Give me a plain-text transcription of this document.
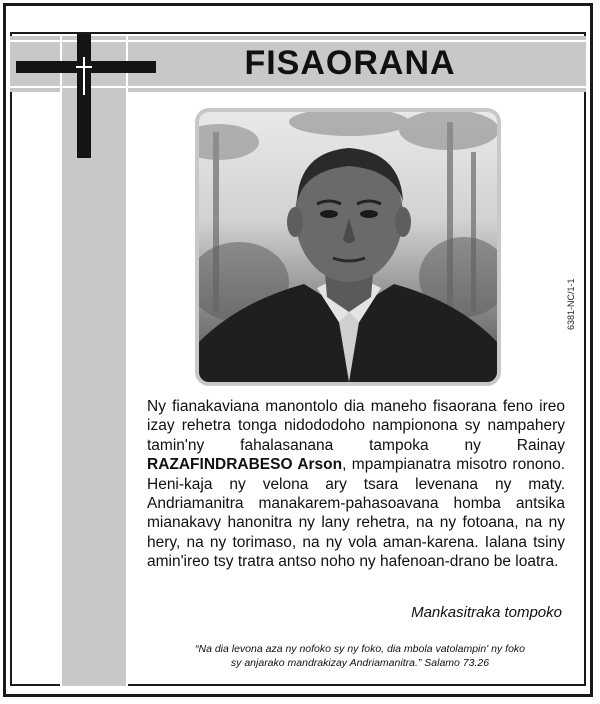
FISAORANA
6381-NC/1-1
Ny fianakaviana manontolo dia maneho fisaorana feno ireo izay rehetra tonga nidododoho nampionona sy nampahery tamin'ny fahalasanana tampoka ny Rainay RAZAFINDRABESO Arson, mpampianatra misotro ronono. Heni-kaja ny velona ary tsara levenana ny maty. Andriamanitra manakarem-pahasoavana homba antsika mianakavy hanonitra ny lany rehetra, na ny fotoana, na ny hery, na ny torimaso, na ny vola aman-karena. Ialana tsiny amin'ireo tsy tratra antso noho ny hafenoan-drano be loatra.
Mankasitraka tompoko
“Na dia levona aza ny nofoko sy ny foko, dia mbola vatolampin' ny foko
sy anjarako mandrakizay Andriamanitra.” Salamo 73.26
